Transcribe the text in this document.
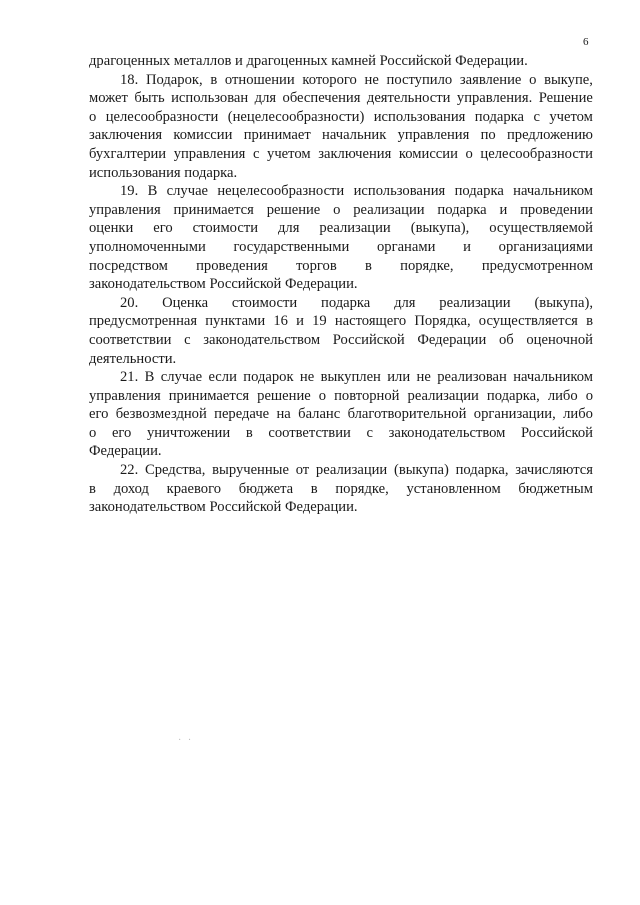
6
драгоценных металлов и драгоценных камней Российской Федерации.
18. Подарок, в отношении которого не поступило заявление о выкупе,
может быть использован для обеспечения деятельности управления. Решение
о целесообразности (нецелесообразности) использования подарка с учетом
заключения комиссии принимает начальник управления по предложению
бухгалтерии управления с учетом заключения комиссии о целесообразности
использования подарка.
19. В случае нецелесообразности использования подарка начальником
управления принимается решение о реализации подарка и проведении
оценки его стоимости для реализации (выкупа), осуществляемой
уполномоченными государственными органами и организациями
посредством проведения торгов в порядке, предусмотренном
законодательством Российской Федерации.
20. Оценка стоимости подарка для реализации (выкупа),
предусмотренная пунктами 16 и 19 настоящего Порядка, осуществляется в
соответствии с законодательством Российской Федерации об оценочной
деятельности.
21. В случае если подарок не выкуплен или не реализован начальником
управления принимается решение о повторной реализации подарка, либо о
его безвозмездной передаче на баланс благотворительной организации, либо
о его уничтожении в соответствии с законодательством Российской
Федерации.
22. Средства, вырученные от реализации (выкупа) подарка, зачисляются
в доход краевого бюджета в порядке, установленном бюджетным
законодательством Российской Федерации.
· ·
